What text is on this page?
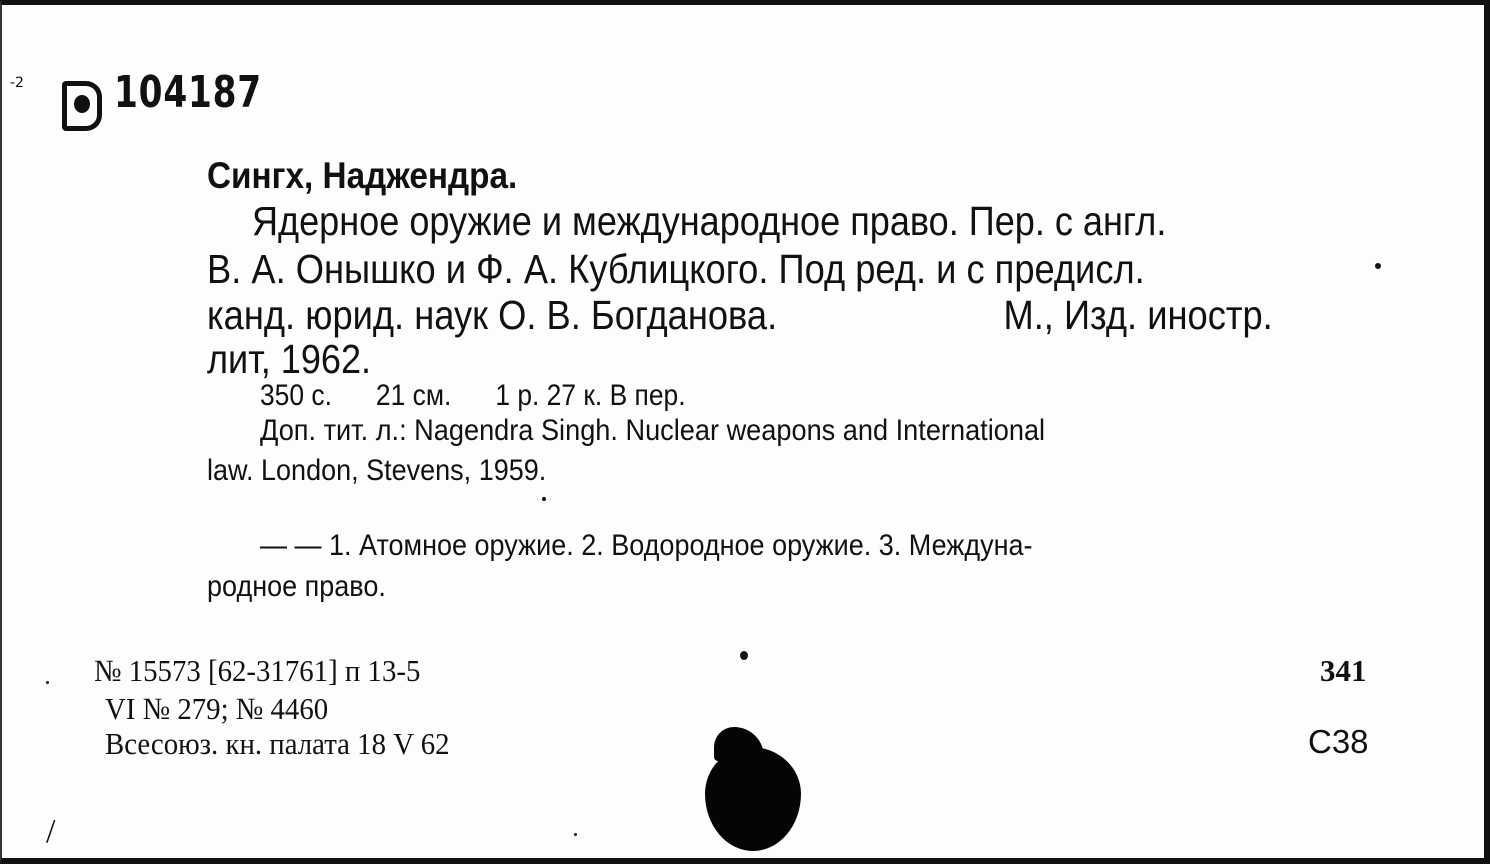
-2 104187
Сингх, Наджендра.
Ядерное оружие и международное право. Пер. с англ.
В. А. Онышко и Ф. А. Кублицкого. Под ред. и с предисл.
канд. юрид. наук О. В. Богданова.	М., Изд. иностр.
лит, 1962.
350 с. 21 см. 1 р. 27 к. В пер.
Доп. тит. л.: Nagendra Singh. Nuclear weapons and International
law. London, Stevens, 1959.
— — 1. Атомное оружие. 2. Водородное оружие. 3. Междуна-
родное право.
№ 15573 [62-31761] п 13-5
VI № 279; № 4460
Всесоюз. кн. палата 18 V 62
341
С38
/
